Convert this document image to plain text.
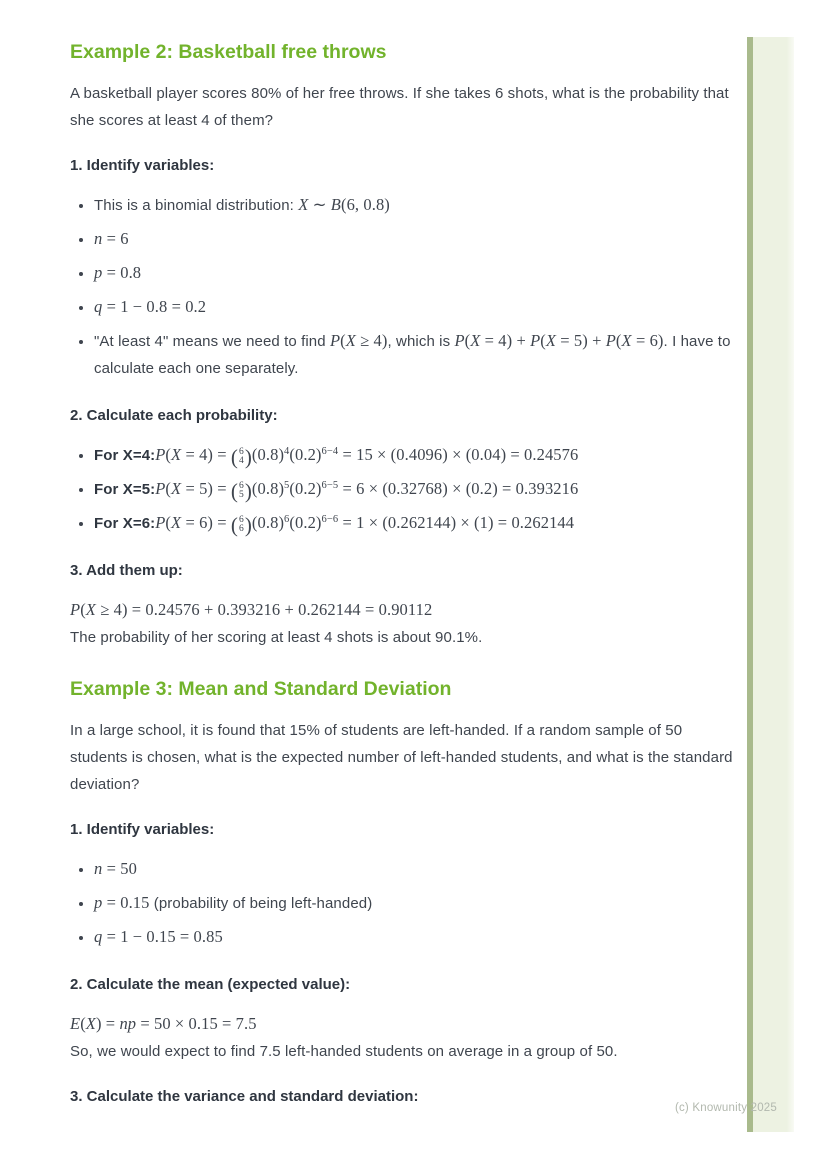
Example 2: Basketball free throws

A basketball player scores 80% of her free throws. If she takes 6 shots, what is the probability that she scores at least 4 of them?

1. Identify variables:

• This is a binomial distribution: X ∼ B(6, 0.8)
• n = 6
• p = 0.8
• q = 1 − 0.8 = 0.2
• "At least 4" means we need to find P(X ≥ 4), which is P(X = 4) + P(X = 5) + P(X = 6). I have to calculate each one separately.

2. Calculate each probability:

• For X=4:P(X = 4) = ( 6
4 ) $(0.8)^4(0.2)^{6-4} = 15 \times (0.4096) \times (0.04) = 0.24576$
• For X=5:P(X = 5) = ( 6
5 ) $(0.8)^5(0.2)^{6-5} = 6 \times (0.32768) \times (0.2) = 0.393216$
• For X=6:P(X = 6) = ( 6
6 ) $(0.8)^6(0.2)^{6-6} = 1 \times (0.262144) \times (1) = 0.262144$

3. Add them up:

P(X ≥ 4) = 0.24576 + 0.393216 + 0.262144 = 0.90112
The probability of her scoring at least 4 shots is about 90.1%.

Example 3: Mean and Standard Deviation

In a large school, it is found that 15% of students are left-handed. If a random sample of 50 students is chosen, what is the expected number of left-handed students, and what is the standard deviation?

1. Identify variables:

• n = 50
• p = 0.15 (probability of being left-handed)
• q = 1 − 0.15 = 0.85

2. Calculate the mean (expected value):

E(X) = np = 50 × 0.15 = 7.5
So, we would expect to find 7.5 left-handed students on average in a group of 50.

3. Calculate the variance and standard deviation:

(c) Knowunity 2025
